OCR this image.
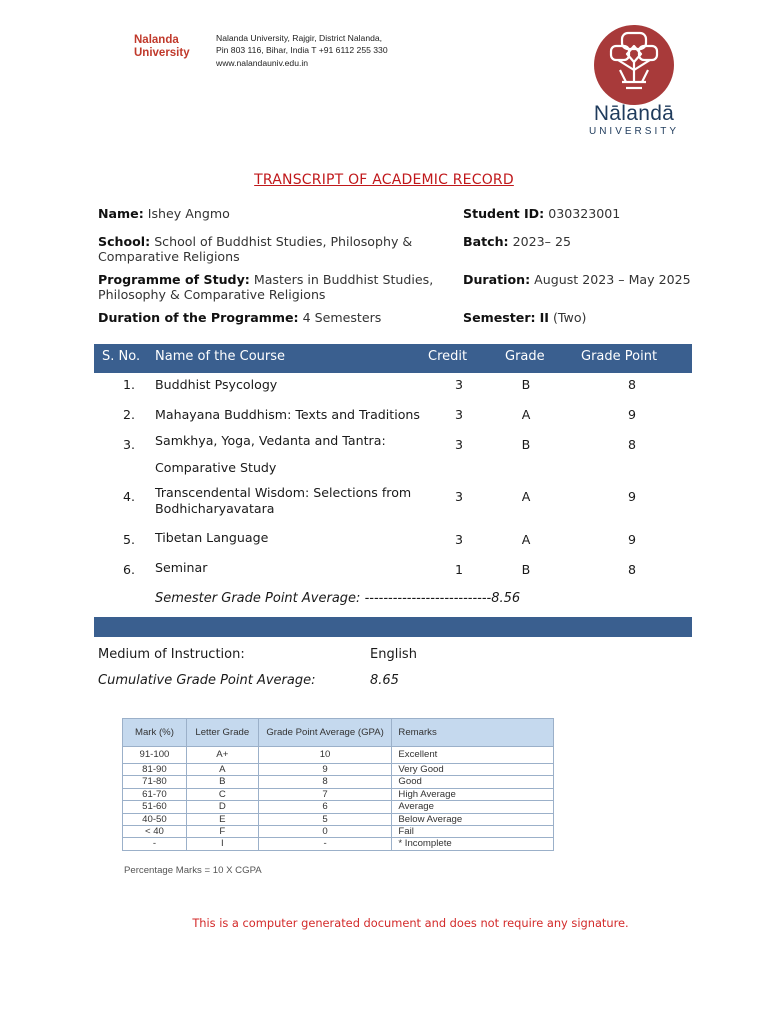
Nalanda
University
Nalanda University, Rajgir, District Nalanda,
Pin 803 116, Bihar, India T +91 6112 255 330
www.nalandauniv.edu.in
Nālandā
UNIVERSITY
TRANSCRIPT OF ACADEMIC RECORD
Name: Ishey Angmo	Student ID: 030323001
School: School of Buddhist Studies, Philosophy &
Comparative Religions
Batch: 2023– 25
Programme of Study: Masters in Buddhist Studies,
Philosophy & Comparative Religions
Duration: August 2023 – May 2025
Duration of the Programme: 4 Semesters	Semester: II (Two)
S. No. Name of the Course	Credit	Grade	Grade Point
1. Buddhist Psycology	3	B	8
2. Mahayana Buddhism: Texts and Traditions	3	A	9
3. Samkhya, Yoga, Vedanta and Tantra:
Comparative Study
3	B	8
4. Transcendental Wisdom: Selections from
Bodhicharyavatara
3	A	9
5. Tibetan Language	3	A	9
6. Seminar	1	B	8
Semester Grade Point Average: ---------------------------8.56
Medium of Instruction:	English
Cumulative Grade Point Average:	8.65
Mark (%)	Letter Grade	Grade Point Average (GPA)	Remarks
91-100	A+	10	Excellent
81-90	A	9	Very Good
71-80	B	8	Good
61-70	C	7	High Average
51-60	D	6	Average
40-50	E	5	Below Average
< 40	F	0	Fail
-	I	-	* Incomplete
Percentage Marks = 10 X CGPA
This is a computer generated document and does not require any signature.
